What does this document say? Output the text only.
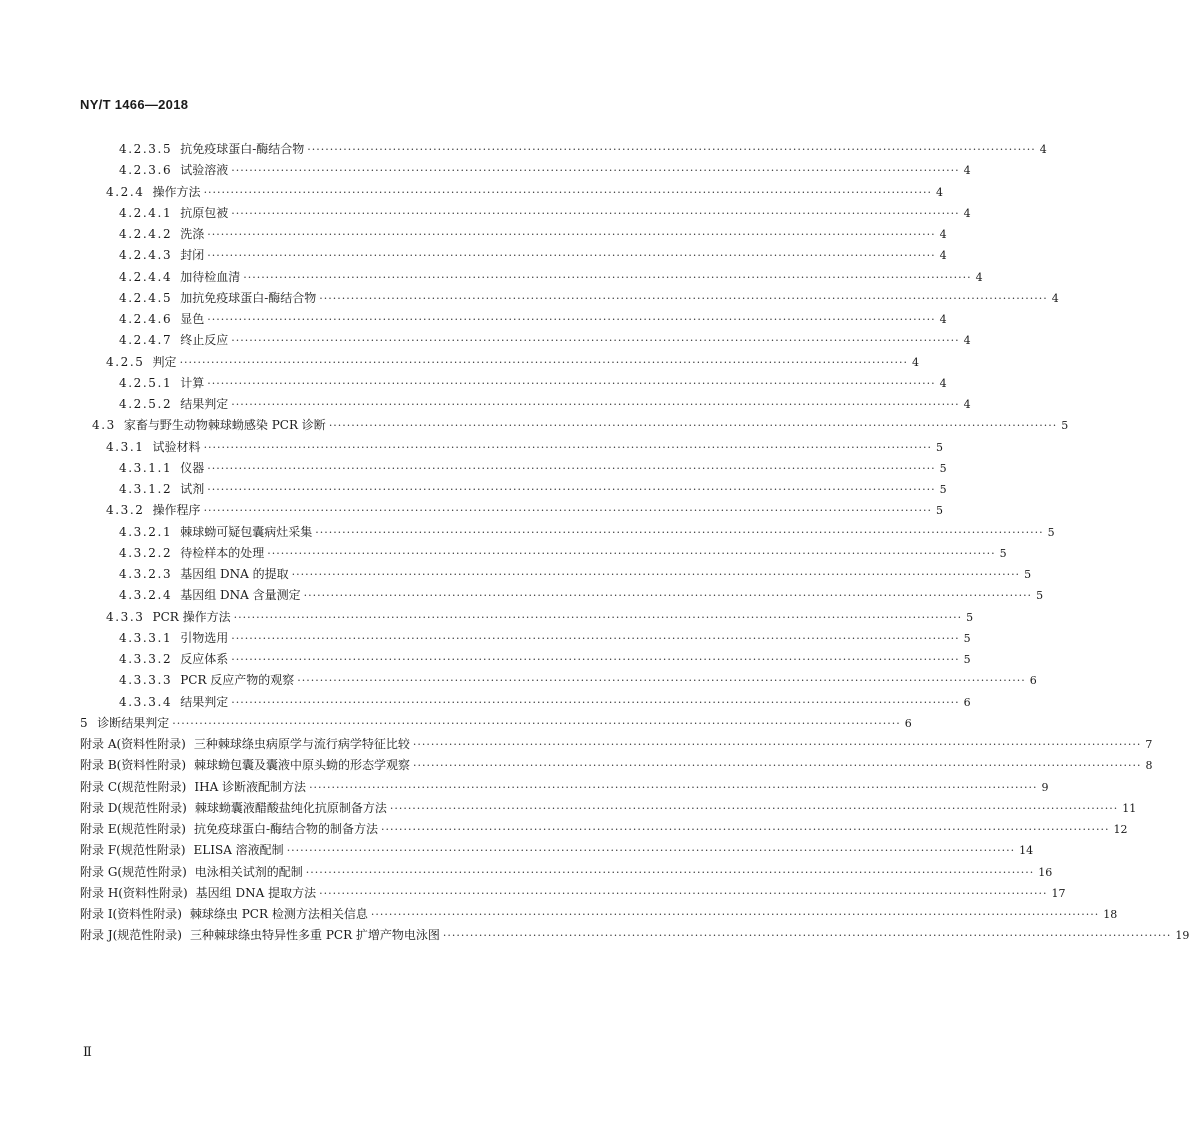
NY/T 1466—2018
4.2.3.5 抗免疫球蛋白-酶结合物 ·································································································································································· 4
4.2.3.6 试验溶液 ·································································································································································· 4
4.2.4 操作方法 ·································································································································································· 4
4.2.4.1 抗原包被 ·································································································································································· 4
4.2.4.2 洗涤 ·································································································································································· 4
4.2.4.3 封闭 ·································································································································································· 4
4.2.4.4 加待检血清 ·································································································································································· 4
4.2.4.5 加抗免疫球蛋白-酶结合物 ·································································································································································· 4
4.2.4.6 显色 ·································································································································································· 4
4.2.4.7 终止反应 ·································································································································································· 4
4.2.5 判定 ·································································································································································· 4
4.2.5.1 计算 ·································································································································································· 4
4.2.5.2 结果判定 ·································································································································································· 4
4.3 家畜与野生动物棘球蚴感染 PCR 诊断 ·································································································································································· 5
4.3.1 试验材料 ·································································································································································· 5
4.3.1.1 仪器 ·································································································································································· 5
4.3.1.2 试剂 ·································································································································································· 5
4.3.2 操作程序 ·································································································································································· 5
4.3.2.1 棘球蚴可疑包囊病灶采集 ·································································································································································· 5
4.3.2.2 待检样本的处理 ·································································································································································· 5
4.3.2.3 基因组 DNA 的提取 ·································································································································································· 5
4.3.2.4 基因组 DNA 含量测定 ·································································································································································· 5
4.3.3 PCR 操作方法 ·································································································································································· 5
4.3.3.1 引物选用 ·································································································································································· 5
4.3.3.2 反应体系 ·································································································································································· 5
4.3.3.3 PCR 反应产物的观察 ·································································································································································· 6
4.3.3.4 结果判定 ·································································································································································· 6
5 诊断结果判定 ·································································································································································· 6
附录 A(资料性附录) 三种棘球绦虫病原学与流行病学特征比较 ·································································································································································· 7
附录 B(资料性附录) 棘球蚴包囊及囊液中原头蚴的形态学观察 ·································································································································································· 8
附录 C(规范性附录) IHA 诊断液配制方法 ·································································································································································· 9
附录 D(规范性附录) 棘球蚴囊液醋酸盐纯化抗原制备方法 ·································································································································································· 11
附录 E(规范性附录) 抗免疫球蛋白-酶结合物的制备方法 ·································································································································································· 12
附录 F(规范性附录) ELISA 溶液配制 ·································································································································································· 14
附录 G(规范性附录) 电泳相关试剂的配制 ·································································································································································· 16
附录 H(资料性附录) 基因组 DNA 提取方法 ·································································································································································· 17
附录 I(资料性附录) 棘球绦虫 PCR 检测方法相关信息 ·································································································································································· 18
附录 J(规范性附录) 三种棘球绦虫特异性多重 PCR 扩增产物电泳图 ·································································································································································· 19
Ⅱ
